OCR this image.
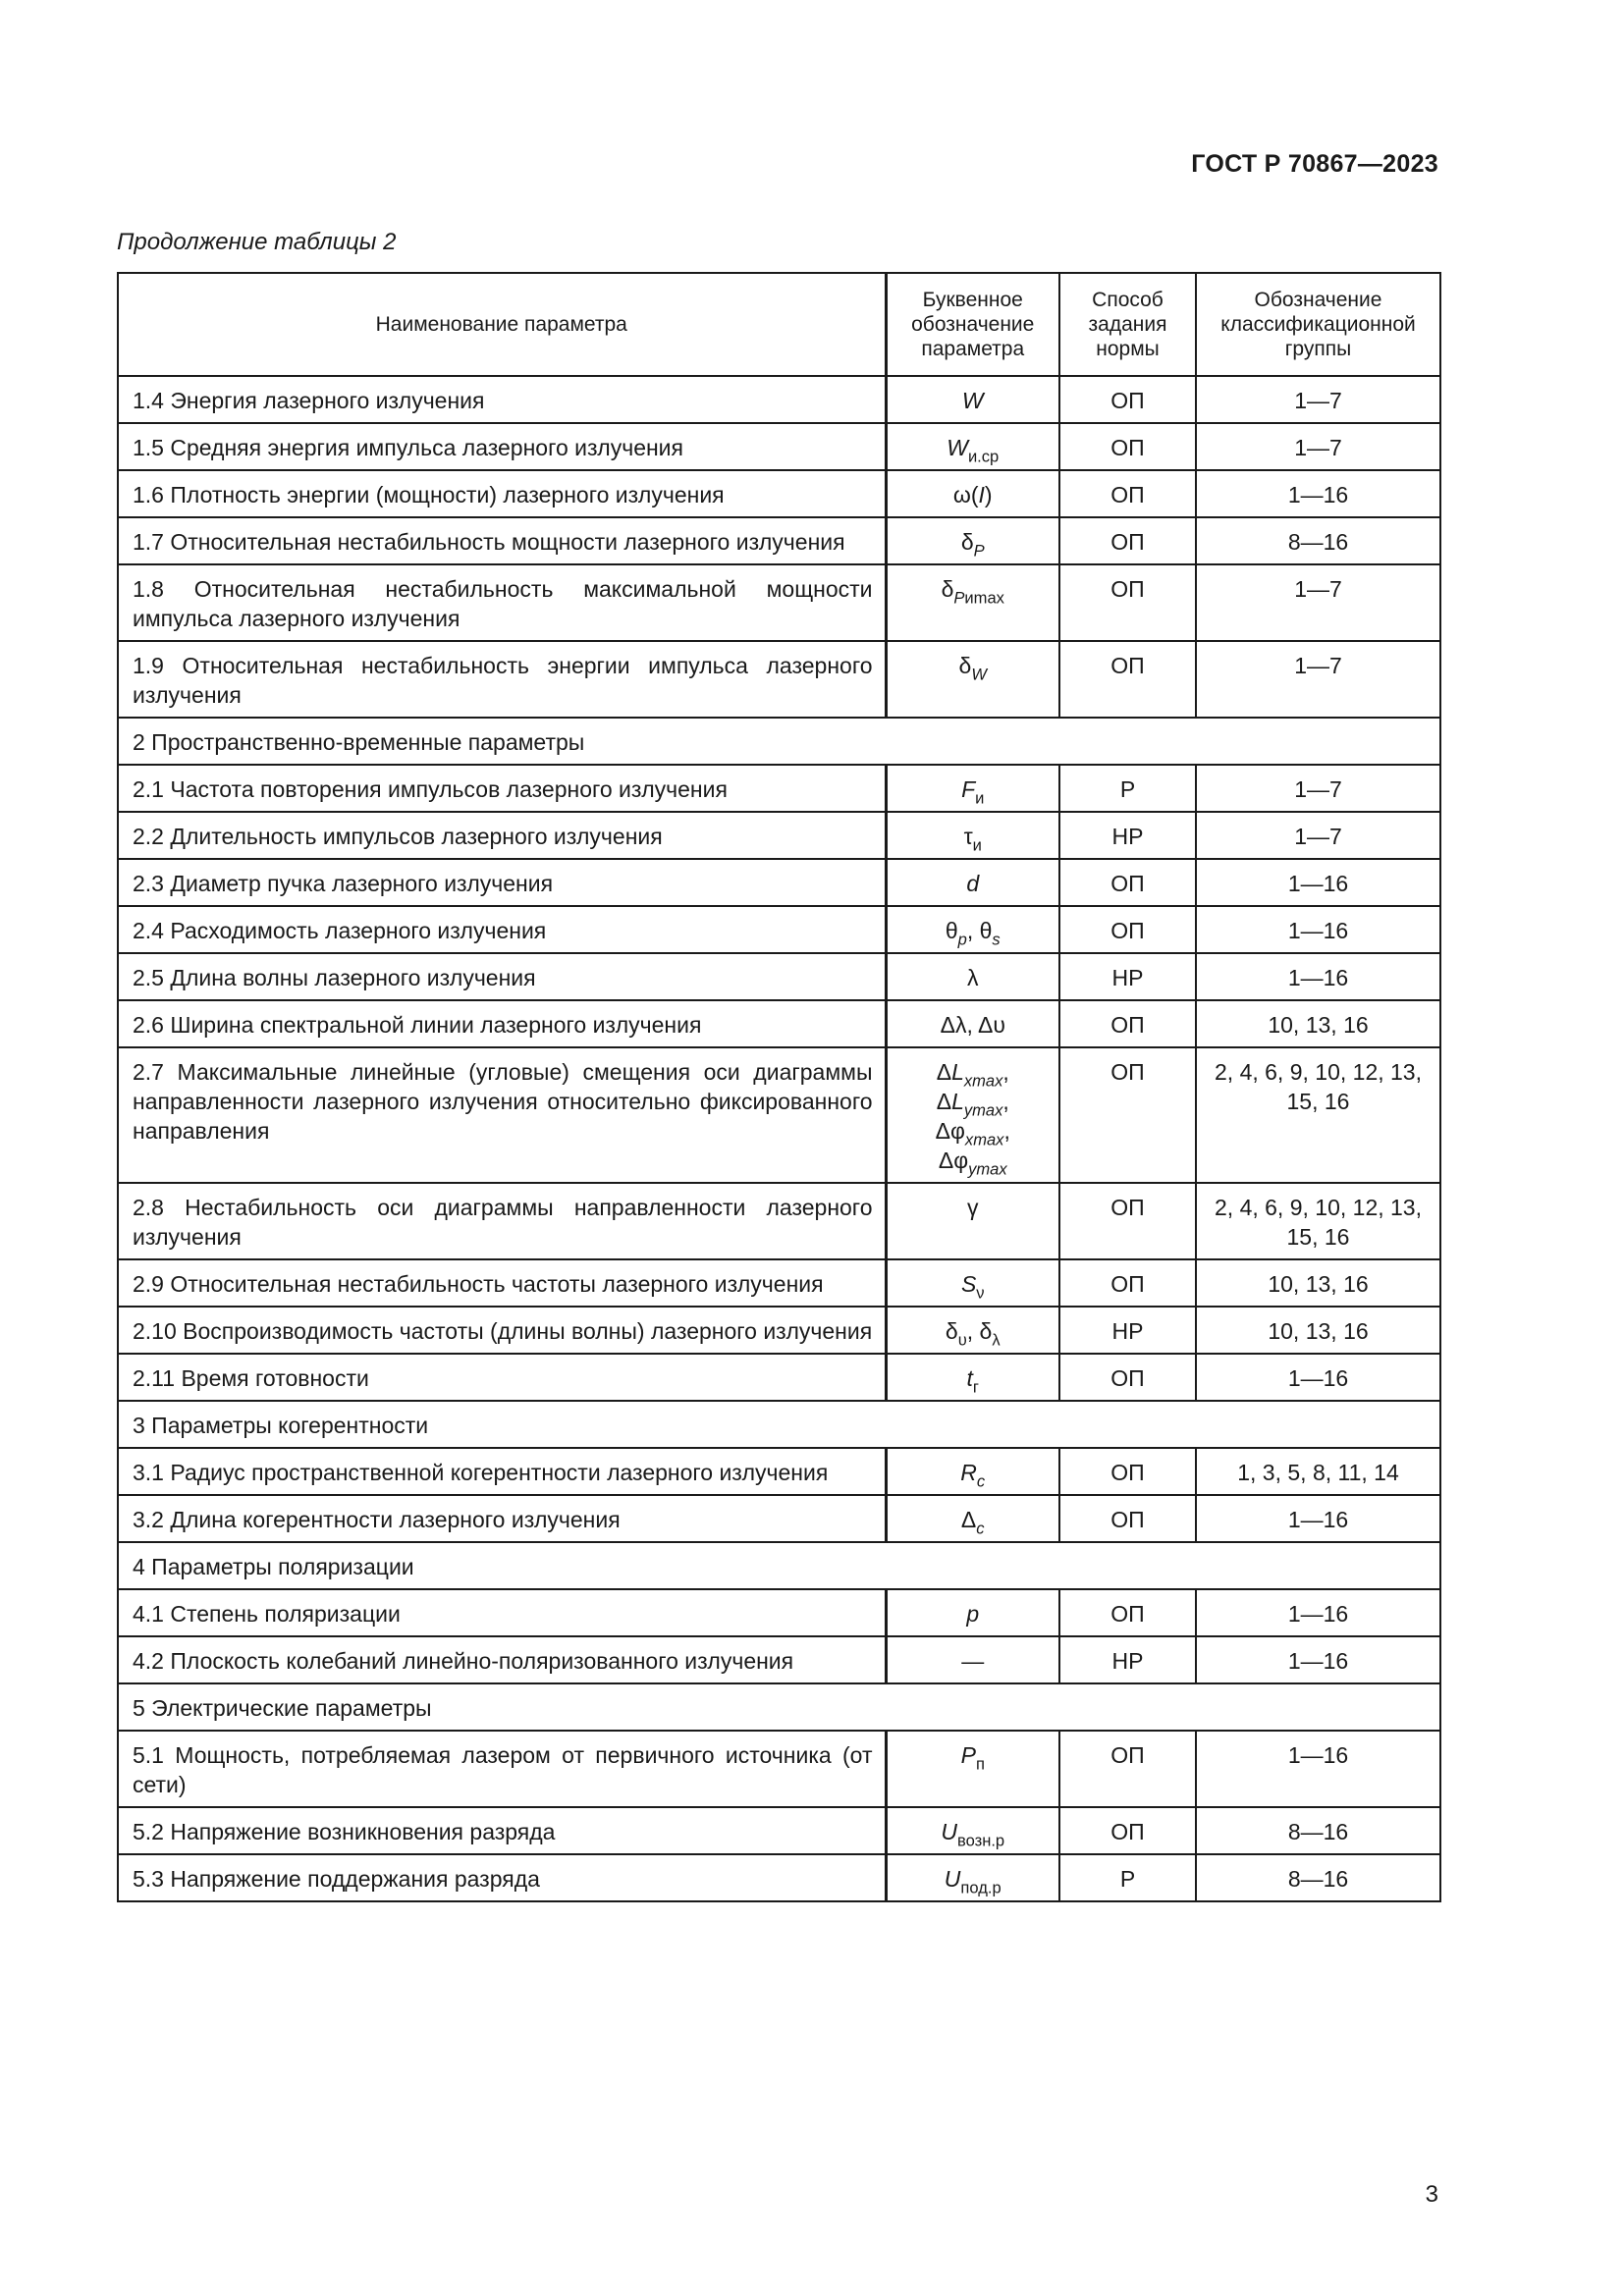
ГОСТ Р 70867—2023
Продолжение таблицы 2
Наименование параметра	Буквенное обозначение параметра	Способ задания нормы	Обозначение классификационной группы
1.4 Энергия лазерного излучения	W	ОП	1—7
1.5 Средняя энергия импульса лазерного излучения	$W_{и.ср}$	ОП	1—7
1.6 Плотность энергии (мощности) лазерного излучения	ω(I)	ОП	1—16
1.7 Относительная нестабильность мощности лазерного излучения	$\delta_P$	ОП	8—16
1.8 Относительная нестабильность максимальной мощности импульса лазерного излучения	$\delta_{Pиmax}$	ОП	1—7
1.9 Относительная нестабильность энергии импульса лазерного излучения	$\delta_W$	ОП	1—7
2 Пространственно-временные параметры			
2.1 Частота повторения импульсов лазерного излучения	$F_и$	Р	1—7
2.2 Длительность импульсов лазерного излучения	$\tau_и$	НР	1—7
2.3 Диаметр пучка лазерного излучения	d	ОП	1—16
2.4 Расходимость лазерного излучения	$\theta_p$, $\theta_s$	ОП	1—16
2.5 Длина волны лазерного излучения	λ	НР	1—16
2.6 Ширина спектральной линии лазерного излучения	Δλ, Δυ	ОП	10, 13, 16
2.7 Максимальные линейные (угловые) смещения оси диаграммы направленности лазерного излучения относительно фиксированного направления	$\Delta L_{xmax}$,
$\Delta L_{ymax}$,
$\Delta\varphi_{xmax}$,
$\Delta\varphi_{ymax}$	ОП	2, 4, 6, 9, 10, 12, 13, 15, 16
2.8 Нестабильность оси диаграммы направленности лазерного излучения	γ	ОП	2, 4, 6, 9, 10, 12, 13, 15, 16
2.9 Относительная нестабильность частоты лазерного излучения	$S_\nu$	ОП	10, 13, 16
2.10 Воспроизводимость частоты (длины волны) лазерного излучения	$\delta_\upsilon$, $\delta_\lambda$	НР	10, 13, 16
2.11 Время готовности	$t_г$	ОП	1—16
3 Параметры когерентности			
3.1 Радиус пространственной когерентности лазерного излучения	$R_c$	ОП	1, 3, 5, 8, 11, 14
3.2 Длина когерентности лазерного излучения	$\Delta_c$	ОП	1—16
4 Параметры поляризации			
4.1 Степень поляризации	p	ОП	1—16
4.2 Плоскость колебаний линейно-поляризованного излучения	—	НР	1—16
5 Электрические параметры			
5.1 Мощность, потребляемая лазером от первичного источника (от сети)	$P_п$	ОП	1—16
5.2 Напряжение возникновения разряда	$U_{возн.р}$	ОП	8—16
5.3 Напряжение поддержания разряда	$U_{под.р}$	Р	8—16
3
